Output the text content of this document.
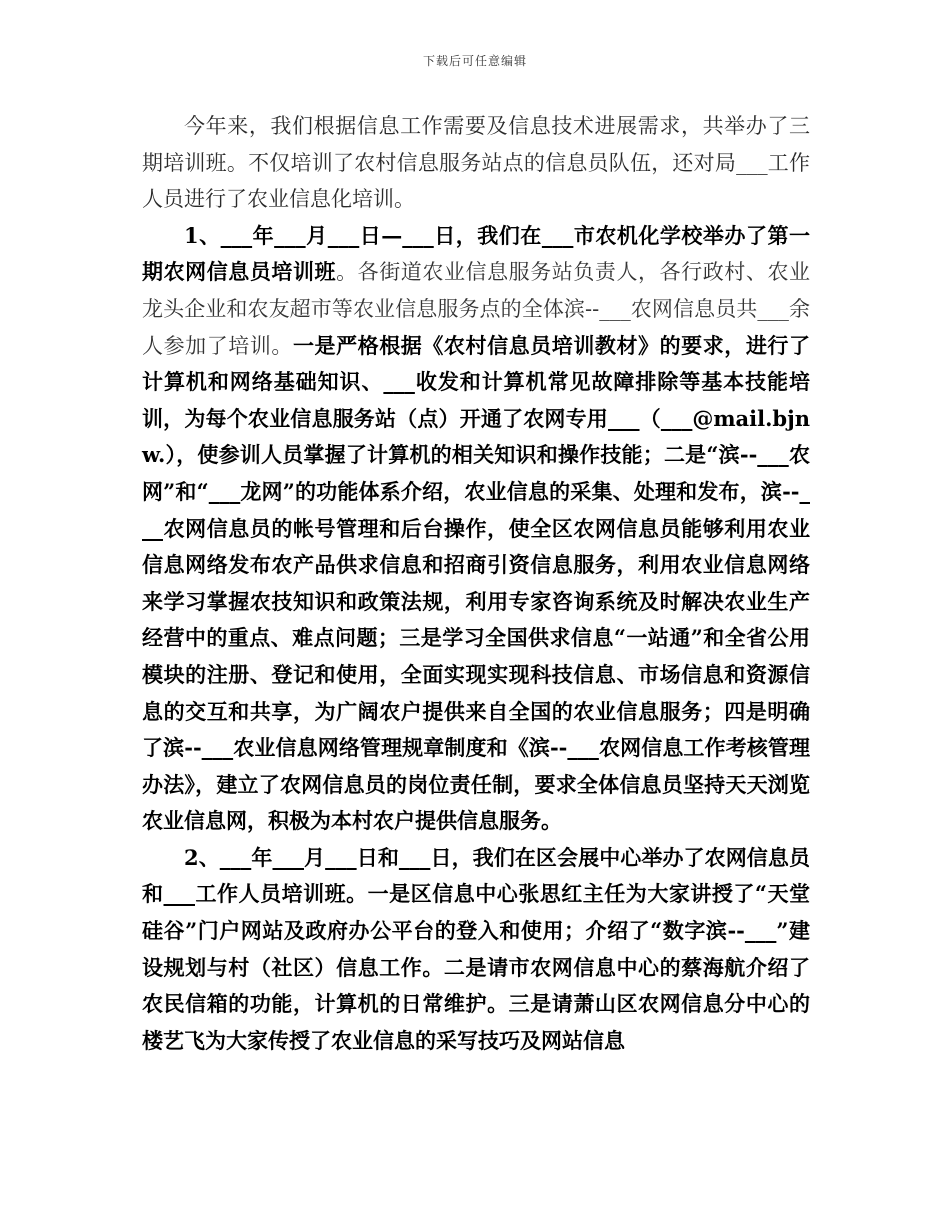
下载后可任意编辑

今年来，我们根据信息工作需要及信息技术进展需求，共举办了三期培训班。不仅培训了农村信息服务站点的信息员队伍，还对局___工作人员进行了农业信息化培训。

1、___年___月___日—___日，我们在___市农机化学校举办了第一期农网信息员培训班。各街道农业信息服务站负责人，各行政村、农业龙头企业和农友超市等农业信息服务点的全体滨--___农网信息员共___余人参加了培训。一是严格根据《农村信息员培训教材》的要求，进行了计算机和网络基础知识、___收发和计算机常见故障排除等基本技能培训，为每个农业信息服务站（点）开通了农网专用___（___@mail.bjnw.），使参训人员掌握了计算机的相关知识和操作技能；二是“滨--___农网”和“___龙网”的功能体系介绍，农业信息的采集、处理和发布，滨--___农网信息员的帐号管理和后台操作，使全区农网信息员能够利用农业信息网络发布农产品供求信息和招商引资信息服务，利用农业信息网络来学习掌握农技知识和政策法规，利用专家咨询系统及时解决农业生产经营中的重点、难点问题；三是学习全国供求信息“一站通”和全省公用模块的注册、登记和使用，全面实现实现科技信息、市场信息和资源信息的交互和共享，为广阔农户提供来自全国的农业信息服务；四是明确了滨--___农业信息网络管理规章制度和《滨--___农网信息工作考核管理办法》，建立了农网信息员的岗位责任制，要求全体信息员坚持天天浏览农业信息网，积极为本村农户提供信息服务。

2、___年___月___日和___日，我们在区会展中心举办了农网信息员和___工作人员培训班。一是区信息中心张思红主任为大家讲授了“天堂硅谷”门户网站及政府办公平台的登入和使用；介绍了“数字滨--___”建设规划与村（社区）信息工作。二是请市农网信息中心的蔡海航介绍了农民信箱的功能，计算机的日常维护。三是请萧山区农网信息分中心的楼艺飞为大家传授了农业信息的采写技巧及网站信息
